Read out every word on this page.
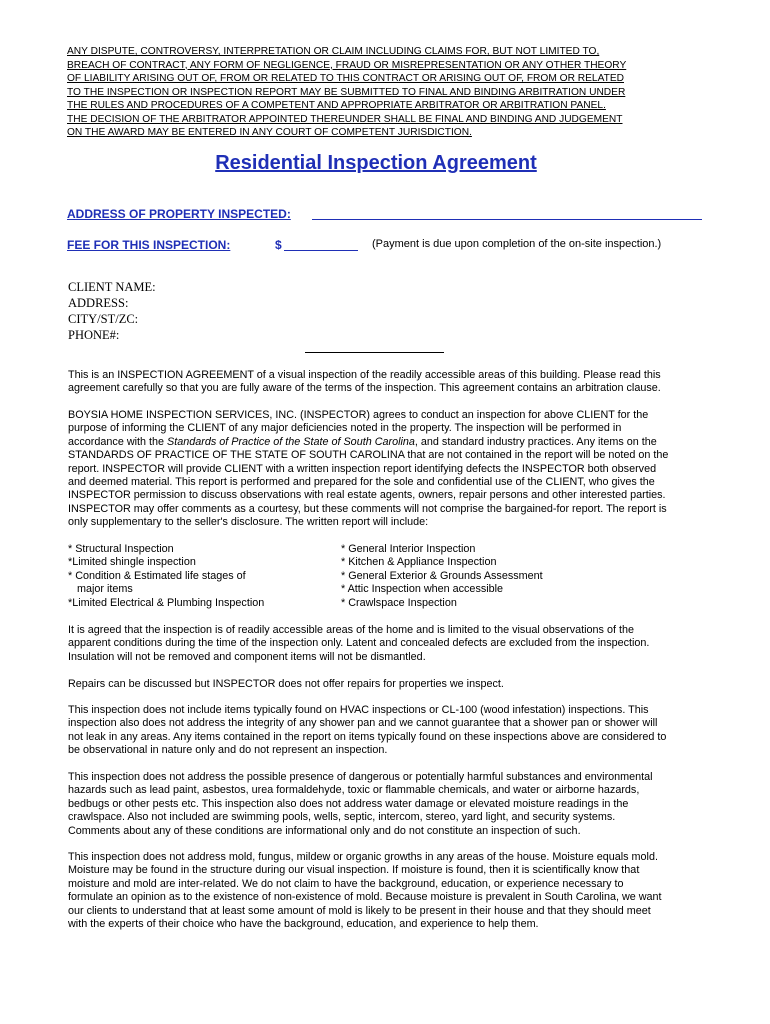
ANY DISPUTE, CONTROVERSY, INTERPRETATION OR CLAIM INCLUDING CLAIMS FOR, BUT NOT LIMITED TO,
BREACH OF CONTRACT, ANY FORM OF NEGLIGENCE, FRAUD OR MISREPRESENTATION OR ANY OTHER THEORY
OF LIABILITY ARISING OUT OF, FROM OR RELATED TO THIS CONTRACT OR ARISING OUT OF, FROM OR RELATED
TO THE INSPECTION OR INSPECTION REPORT MAY BE SUBMITTED TO FINAL AND BINDING ARBITRATION UNDER
THE RULES AND PROCEDURES OF A COMPETENT AND APPROPRIATE ARBITRATOR OR ARBITRATION PANEL.
THE DECISION OF THE ARBITRATOR APPOINTED THEREUNDER SHALL BE FINAL AND BINDING AND JUDGEMENT
ON THE AWARD MAY BE ENTERED IN ANY COURT OF COMPETENT JURISDICTION.
Residential Inspection Agreement
ADDRESS OF PROPERTY INSPECTED:
FEE FOR THIS INSPECTION:	$	(Payment is due upon completion of the on-site inspection.)
CLIENT NAME:
ADDRESS:
CITY/ST/ZC:
PHONE#:
This is an INSPECTION AGREEMENT of a visual inspection of the readily accessible areas of this building. Please read this
agreement carefully so that you are fully aware of the terms of the inspection. This agreement contains an arbitration clause.
BOYSIA HOME INSPECTION SERVICES, INC. (INSPECTOR) agrees to conduct an inspection for above CLIENT for the
purpose of informing the CLIENT of any major deficiencies noted in the property. The inspection will be performed in
accordance with the Standards of Practice of the State of South Carolina, and standard industry practices. Any items on the
STANDARDS OF PRACTICE OF THE STATE OF SOUTH CAROLINA that are not contained in the report will be noted on the
report. INSPECTOR will provide CLIENT with a written inspection report identifying defects the INSPECTOR both observed
and deemed material. This report is performed and prepared for the sole and confidential use of the CLIENT, who gives the
INSPECTOR permission to discuss observations with real estate agents, owners, repair persons and other interested parties.
INSPECTOR may offer comments as a courtesy, but these comments will not comprise the bargained-for report. The report is
only supplementary to the seller's disclosure. The written report will include:
* Structural Inspection
*Limited shingle inspection
* Condition & Estimated life stages of
major items
*Limited Electrical & Plumbing Inspection
* General Interior Inspection
* Kitchen & Appliance Inspection
* General Exterior & Grounds Assessment
* Attic Inspection when accessible
* Crawlspace Inspection
It is agreed that the inspection is of readily accessible areas of the home and is limited to the visual observations of the
apparent conditions during the time of the inspection only. Latent and concealed defects are excluded from the inspection.
Insulation will not be removed and component items will not be dismantled.
Repairs can be discussed but INSPECTOR does not offer repairs for properties we inspect.
This inspection does not include items typically found on HVAC inspections or CL-100 (wood infestation) inspections. This
inspection also does not address the integrity of any shower pan and we cannot guarantee that a shower pan or shower will
not leak in any areas. Any items contained in the report on items typically found on these inspections above are considered to
be observational in nature only and do not represent an inspection.
This inspection does not address the possible presence of dangerous or potentially harmful substances and environmental
hazards such as lead paint, asbestos, urea formaldehyde, toxic or flammable chemicals, and water or airborne hazards,
bedbugs or other pests etc. This inspection also does not address water damage or elevated moisture readings in the
crawlspace. Also not included are swimming pools, wells, septic, intercom, stereo, yard light, and security systems.
Comments about any of these conditions are informational only and do not constitute an inspection of such.
This inspection does not address mold, fungus, mildew or organic growths in any areas of the house. Moisture equals mold.
Moisture may be found in the structure during our visual inspection. If moisture is found, then it is scientifically know that
moisture and mold are inter-related. We do not claim to have the background, education, or experience necessary to
formulate an opinion as to the existence of non-existence of mold. Because moisture is prevalent in South Carolina, we want
our clients to understand that at least some amount of mold is likely to be present in their house and that they should meet
with the experts of their choice who have the background, education, and experience to help them.
